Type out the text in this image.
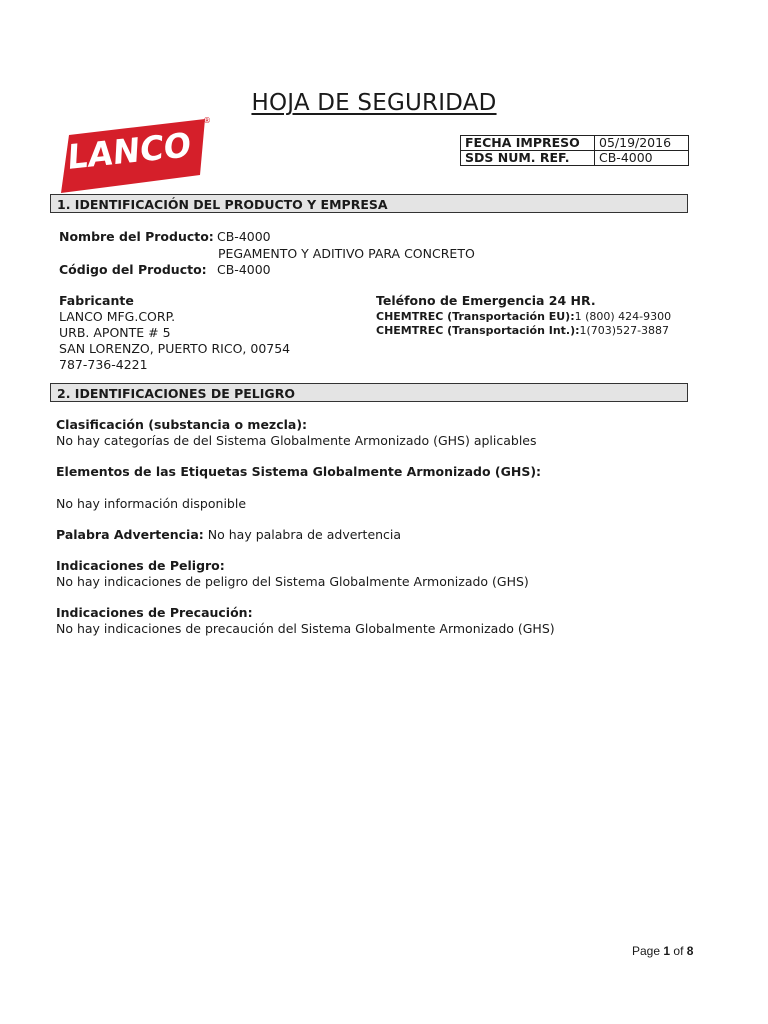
HOJA DE SEGURIDAD
LANCO
®
FECHA IMPRESO	05/19/2016
SDS NUM. REF.	CB-4000
1. IDENTIFICACIÓN DEL PRODUCTO Y EMPRESA
Nombre del Producto: CB-4000
PEGAMENTO Y ADITIVO PARA CONCRETO
Código del Producto: CB-4000
Fabricante
LANCO MFG.CORP.
URB. APONTE # 5
SAN LORENZO, PUERTO RICO, 00754
787-736-4221
Teléfono de Emergencia 24 HR.
CHEMTREC (Transportación EU):1 (800) 424-9300
CHEMTREC (Transportación Int.):1(703)527-3887
2. IDENTIFICACIONES DE PELIGRO
Clasificación (substancia o mezcla):
No hay categorías de del Sistema Globalmente Armonizado (GHS) aplicables
Elementos de las Etiquetas Sistema Globalmente Armonizado (GHS):
No hay información disponible
Palabra Advertencia: No hay palabra de advertencia
Indicaciones de Peligro:
No hay indicaciones de peligro del Sistema Globalmente Armonizado (GHS)
Indicaciones de Precaución:
No hay indicaciones de precaución del Sistema Globalmente Armonizado (GHS)
Page 1 of 8
